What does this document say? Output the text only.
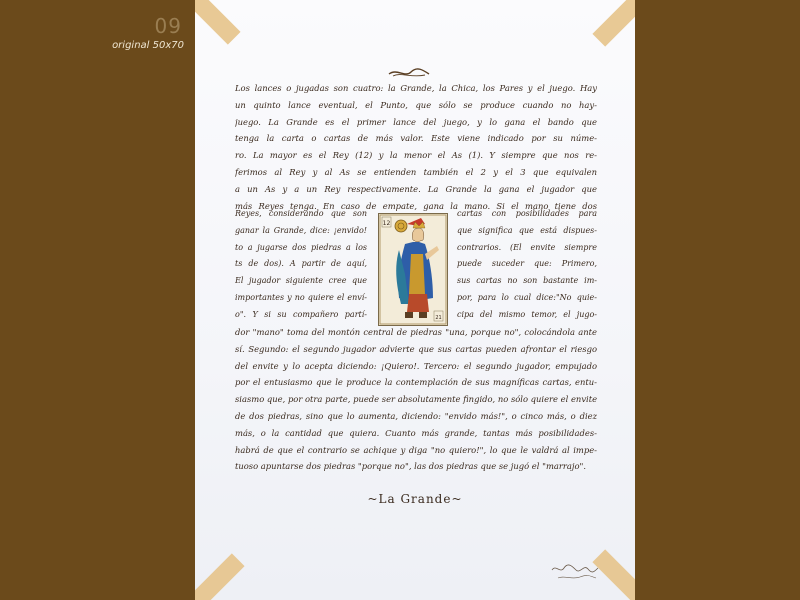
09
original 50x70
Los lances o jugadas son cuatro: la Grande, la Chica, los Pares y el juego. Hay
un quinto lance eventual, el Punto, que sólo se produce cuando no hay-
juego. La Grande es el primer lance del juego, y lo gana el bando que
tenga la carta o cartas de más valor. Este viene indicado por su núme-
ro. La mayor es el Rey (12) y la menor el As (1). Y siempre que nos re-
ferimos al Rey y al As se entienden también el 2 y el 3 que equivalen
a un As y a un Rey respectivamente. La Grande la gana el jugador que
más Reyes tenga. En caso de empate, gana la mano. Si el mano tiene dos
Reyes, considerando que son
ganar la Grande, dice: ¡envido!
to a jugarse dos piedras a los
ts de dos). A partir de aquí,
El jugador siguiente cree que
importantes y no quiere el enví-
o". Y si su compañero partí-
12
21
cartas con posibilidades para
que significa que está dispues-
contrarios. (El envite siempre
puede suceder que: Primero,
sus cartas no son bastante im-
por, para lo cual dice:"No quie-
cipa del mismo temor, el jugo-
dor "mano" toma del montón central de piedras "una, porque no", colocándola ante
sí. Segundo: el segundo jugador advierte que sus cartas pueden afrontar el riesgo
del envite y lo acepta diciendo: ¡Quiero!. Tercero: el segundo jugador, empujado
por el entusiasmo que le produce la contemplación de sus magníficas cartas, entu-
siasmo que, por otra parte, puede ser absolutamente fingido, no sólo quiere el envite
de dos piedras, sino que lo aumenta, diciendo: "envido más!", o cinco más, o diez
más, o la cantidad que quiera. Cuanto más grande, tantas más posibilidades-
habrá de que el contrario se achique y diga "no quiero!", lo que le valdrá al impe-
tuoso apuntarse dos piedras "porque no", las dos piedras que se jugó el "marrajo".
~La Grande~
